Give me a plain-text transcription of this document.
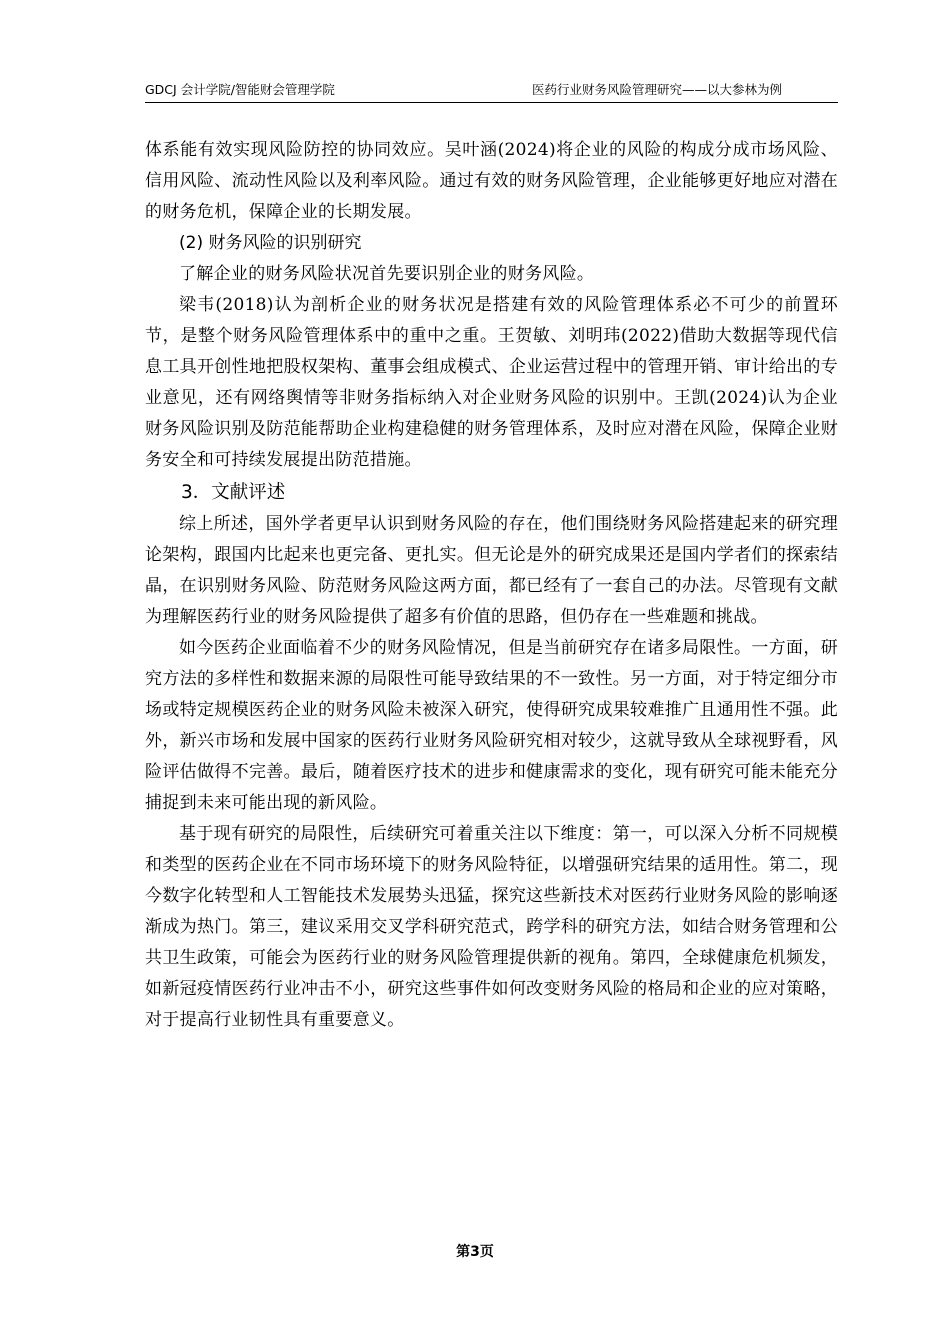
GDCJ 会计学院/智能财会管理学院	医药行业财务风险管理研究——以大参林为例

体系能有效实现风险防控的协同效应。吴叶涵(2024)将企业的风险的构成分成市场风险、信用风险、流动性风险以及利率风险。通过有效的财务风险管理，企业能够更好地应对潜在的财务危机，保障企业的长期发展。

(2) 财务风险的识别研究

了解企业的财务风险状况首先要识别企业的财务风险。

梁韦(2018)认为剖析企业的财务状况是搭建有效的风险管理体系必不可少的前置环节，是整个财务风险管理体系中的重中之重。王贺敏、刘明玮(2022)借助大数据等现代信息工具开创性地把股权架构、董事会组成模式、企业运营过程中的管理开销、审计给出的专业意见，还有网络舆情等非财务指标纳入对企业财务风险的识别中。王凯(2024)认为企业财务风险识别及防范能帮助企业构建稳健的财务管理体系，及时应对潜在风险，保障企业财务安全和可持续发展提出防范措施。

3．文献评述

综上所述，国外学者更早认识到财务风险的存在，他们围绕财务风险搭建起来的研究理论架构，跟国内比起来也更完备、更扎实。但无论是外的研究成果还是国内学者们的探索结晶，在识别财务风险、防范财务风险这两方面，都已经有了一套自己的办法。尽管现有文献为理解医药行业的财务风险提供了超多有价值的思路，但仍存在一些难题和挑战。

如今医药企业面临着不少的财务风险情况，但是当前研究存在诸多局限性。一方面，研究方法的多样性和数据来源的局限性可能导致结果的不一致性。另一方面，对于特定细分市场或特定规模医药企业的财务风险未被深入研究，使得研究成果较难推广且通用性不强。此外，新兴市场和发展中国家的医药行业财务风险研究相对较少，这就导致从全球视野看，风险评估做得不完善。最后，随着医疗技术的进步和健康需求的变化，现有研究可能未能充分捕捉到未来可能出现的新风险。

基于现有研究的局限性，后续研究可着重关注以下维度：第一，可以深入分析不同规模和类型的医药企业在不同市场环境下的财务风险特征，以增强研究结果的适用性。第二，现今数字化转型和人工智能技术发展势头迅猛，探究这些新技术对医药行业财务风险的影响逐渐成为热门。第三，建议采用交叉学科研究范式，跨学科的研究方法，如结合财务管理和公共卫生政策，可能会为医药行业的财务风险管理提供新的视角。第四，全球健康危机频发，如新冠疫情医药行业冲击不小，研究这些事件如何改变财务风险的格局和企业的应对策略，对于提高行业韧性具有重要意义。

第3页
